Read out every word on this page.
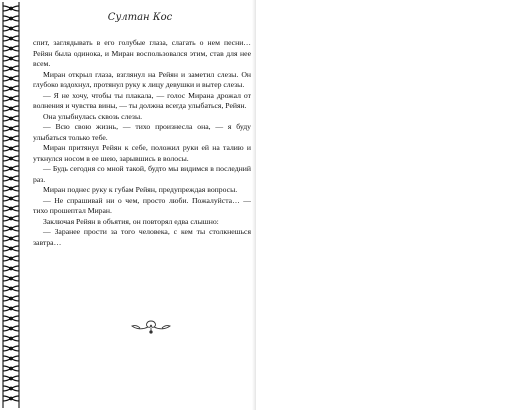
Султан Кос

спит, заглядывать в его голубые глаза, слагать о нем песни… Рейян была одинока, и Миран воспользовался этим, став для нее всем.

Миран открыл глаза, взглянул на Рейян и заметил слезы. Он глубоко вздохнул, протянул руку к лицу девушки и вытер слезы.

— Я не хочу, чтобы ты плакала, — голос Мирана дрожал от волнения и чувства вины, — ты должна всегда улыбаться, Рейян.

Она улыбнулась сквозь слезы.

— Всю свою жизнь, — тихо произнесла она, — я буду улыбаться только тебе.

Миран притянул Рейян к себе, положил руки ей на талию и уткнулся носом в ее шею, зарывшись в волосы.

— Будь сегодня со мной такой, будто мы видимся в последний раз.

Миран поднес руку к губам Рейян, предупреждая вопросы.

— Не спрашивай ни о чем, просто люби. Пожалуйста… — тихо прошептал Миран.

Заключая Рейян в объятия, он повторял едва слышно:

— Заранее прости за того человека, с кем ты столкнешься завтра…
